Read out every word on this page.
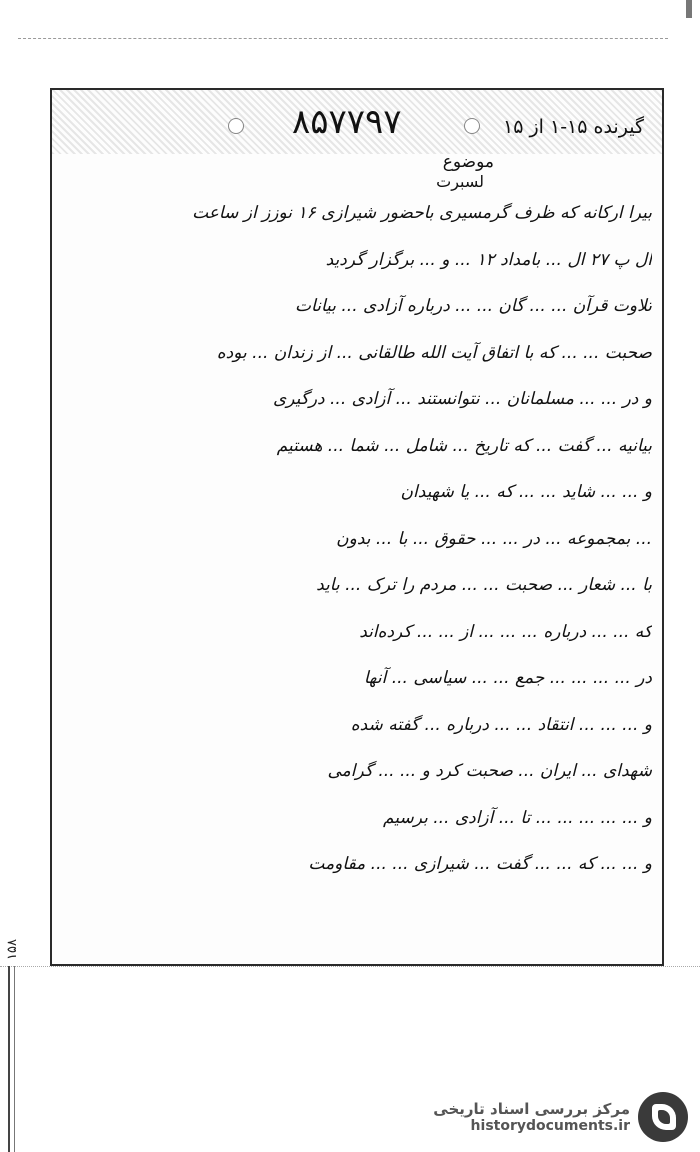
۸۵۷۷۹۷	گیرنده ۱۵-۱ از ۱۵
موضوع
لسبرت
بیرا ارکانه که ظرف گرمسیری باحضور شیرازی ۱۶ نوزز از ساعت
ال پ ۲۷ ال ... بامداد ۱۲ ... و ... برگزار گردید
تلاوت قرآن ... ... گان ... ... درباره آزادی ... بیانات
صحبت ... ... که با اتفاق آیت الله طالقانی ... از زندان ... بوده
و در ... ... مسلمانان ... نتوانستند ... آزادی ... درگیری
بیانیه ... گفت ... که تاریخ ... شامل ... شما ... هستیم
و ... ... شاید ... ... که ... یا شهیدان
... بمجموعه ... در ... ... حقوق ... با ... بدون
با ... شعار ... صحبت ... ... مردم را ترک ... باید
که ... ... درباره ... ... ... از ... ... کرده‌اند
در ... ... ... ... جمع ... ... سیاسی ... آنها
و ... ... ... انتقاد ... ... درباره ... گفته شده
شهدای ... ایران ... صحبت کرد و ... ... گرامی
و ... ... ... ... ... تا ... آزادی ... برسیم
و ... ... که ... ... گفت ... شیرازی ... ... مقاومت
۱۵۸
مرکز بررسی اسناد تاریخی
historydocuments.ir
